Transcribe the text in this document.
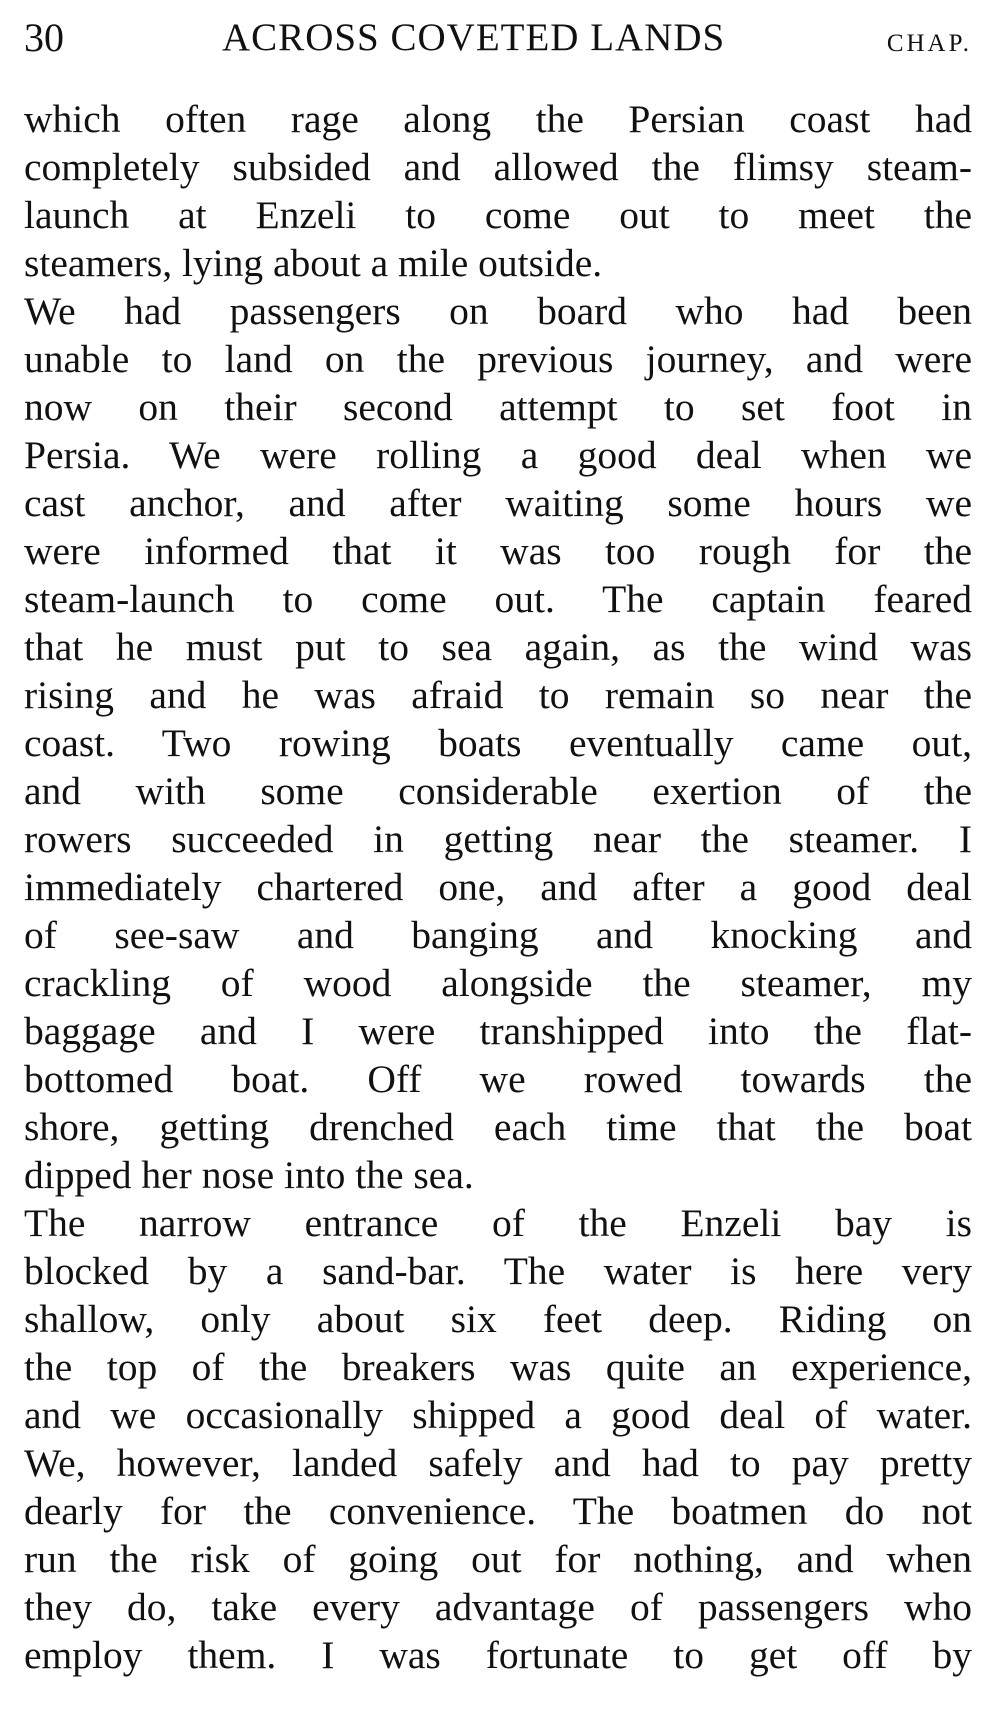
30	ACROSS COVETED LANDS	CHAP.
which often rage along the Persian coast had
completely subsided and allowed the flimsy steam-
launch at Enzeli to come out to meet the
steamers, lying about a mile outside.
We had passengers on board who had been
unable to land on the previous journey, and were
now on their second attempt to set foot in
Persia. We were rolling a good deal when we
cast anchor, and after waiting some hours we
were informed that it was too rough for the
steam-launch to come out. The captain feared
that he must put to sea again, as the wind was
rising and he was afraid to remain so near the
coast. Two rowing boats eventually came out,
and with some considerable exertion of the
rowers succeeded in getting near the steamer. I
immediately chartered one, and after a good deal
of see-saw and banging and knocking and
crackling of wood alongside the steamer, my
baggage and I were transhipped into the flat-
bottomed boat. Off we rowed towards the
shore, getting drenched each time that the boat
dipped her nose into the sea.
The narrow entrance of the Enzeli bay is
blocked by a sand-bar. The water is here very
shallow, only about six feet deep. Riding on
the top of the breakers was quite an experience,
and we occasionally shipped a good deal of water.
We, however, landed safely and had to pay pretty
dearly for the convenience. The boatmen do not
run the risk of going out for nothing, and when
they do, take every advantage of passengers who
employ them. I was fortunate to get off by
